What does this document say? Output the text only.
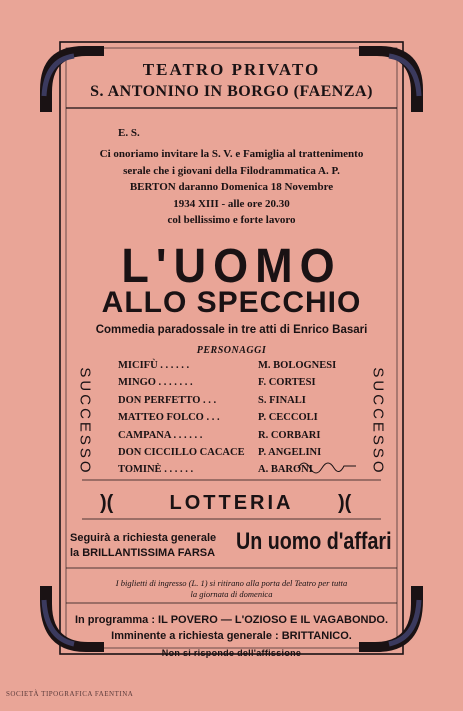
TEATRO PRIVATO
S. ANTONINO IN BORGO (FAENZA)
E. S.
Ci onoriamo invitare la S. V. e Famiglia al trattenimento
serale che i giovani della Filodrammatica A. P.
BERTON daranno Domenica 18 Novembre
1934 XIII - alle ore 20.30
col bellissimo e forte lavoro
L'UOMO
ALLO SPECCHIO
Commedia paradossale in tre atti di Enrico Basari
PERSONAGGI
SUCCESSO	SUCCESSO
MICIFÙ . . . . . .	M. BOLOGNESI
MINGO . . . . . . .	F. CORTESI
DON PERFETTO . . .	S. FINALI
MATTEO FOLCO . . .	P. CECCOLI
CAMPANA . . . . . .	R. CORBARI
DON CICCILLO CACACE P. ANGELINI
TOMINÈ . . . . . .	A. BARONI
)(	LOTTERIA	)(
Seguirà a richiesta generale
la BRILLANTISSIMA FARSA Un uomo d'affari
I biglietti di ingresso (L. 1) si ritirano alla porta del Teatro per tutta
la giornata di domenica
In programma : IL POVERO — L'OZIOSO E IL VAGABONDO.
Imminente a richiesta generale : BRITTANICO.
Non si risponde dell'affissione
SOCIETÀ TIPOGRAFICA FAENTINA
